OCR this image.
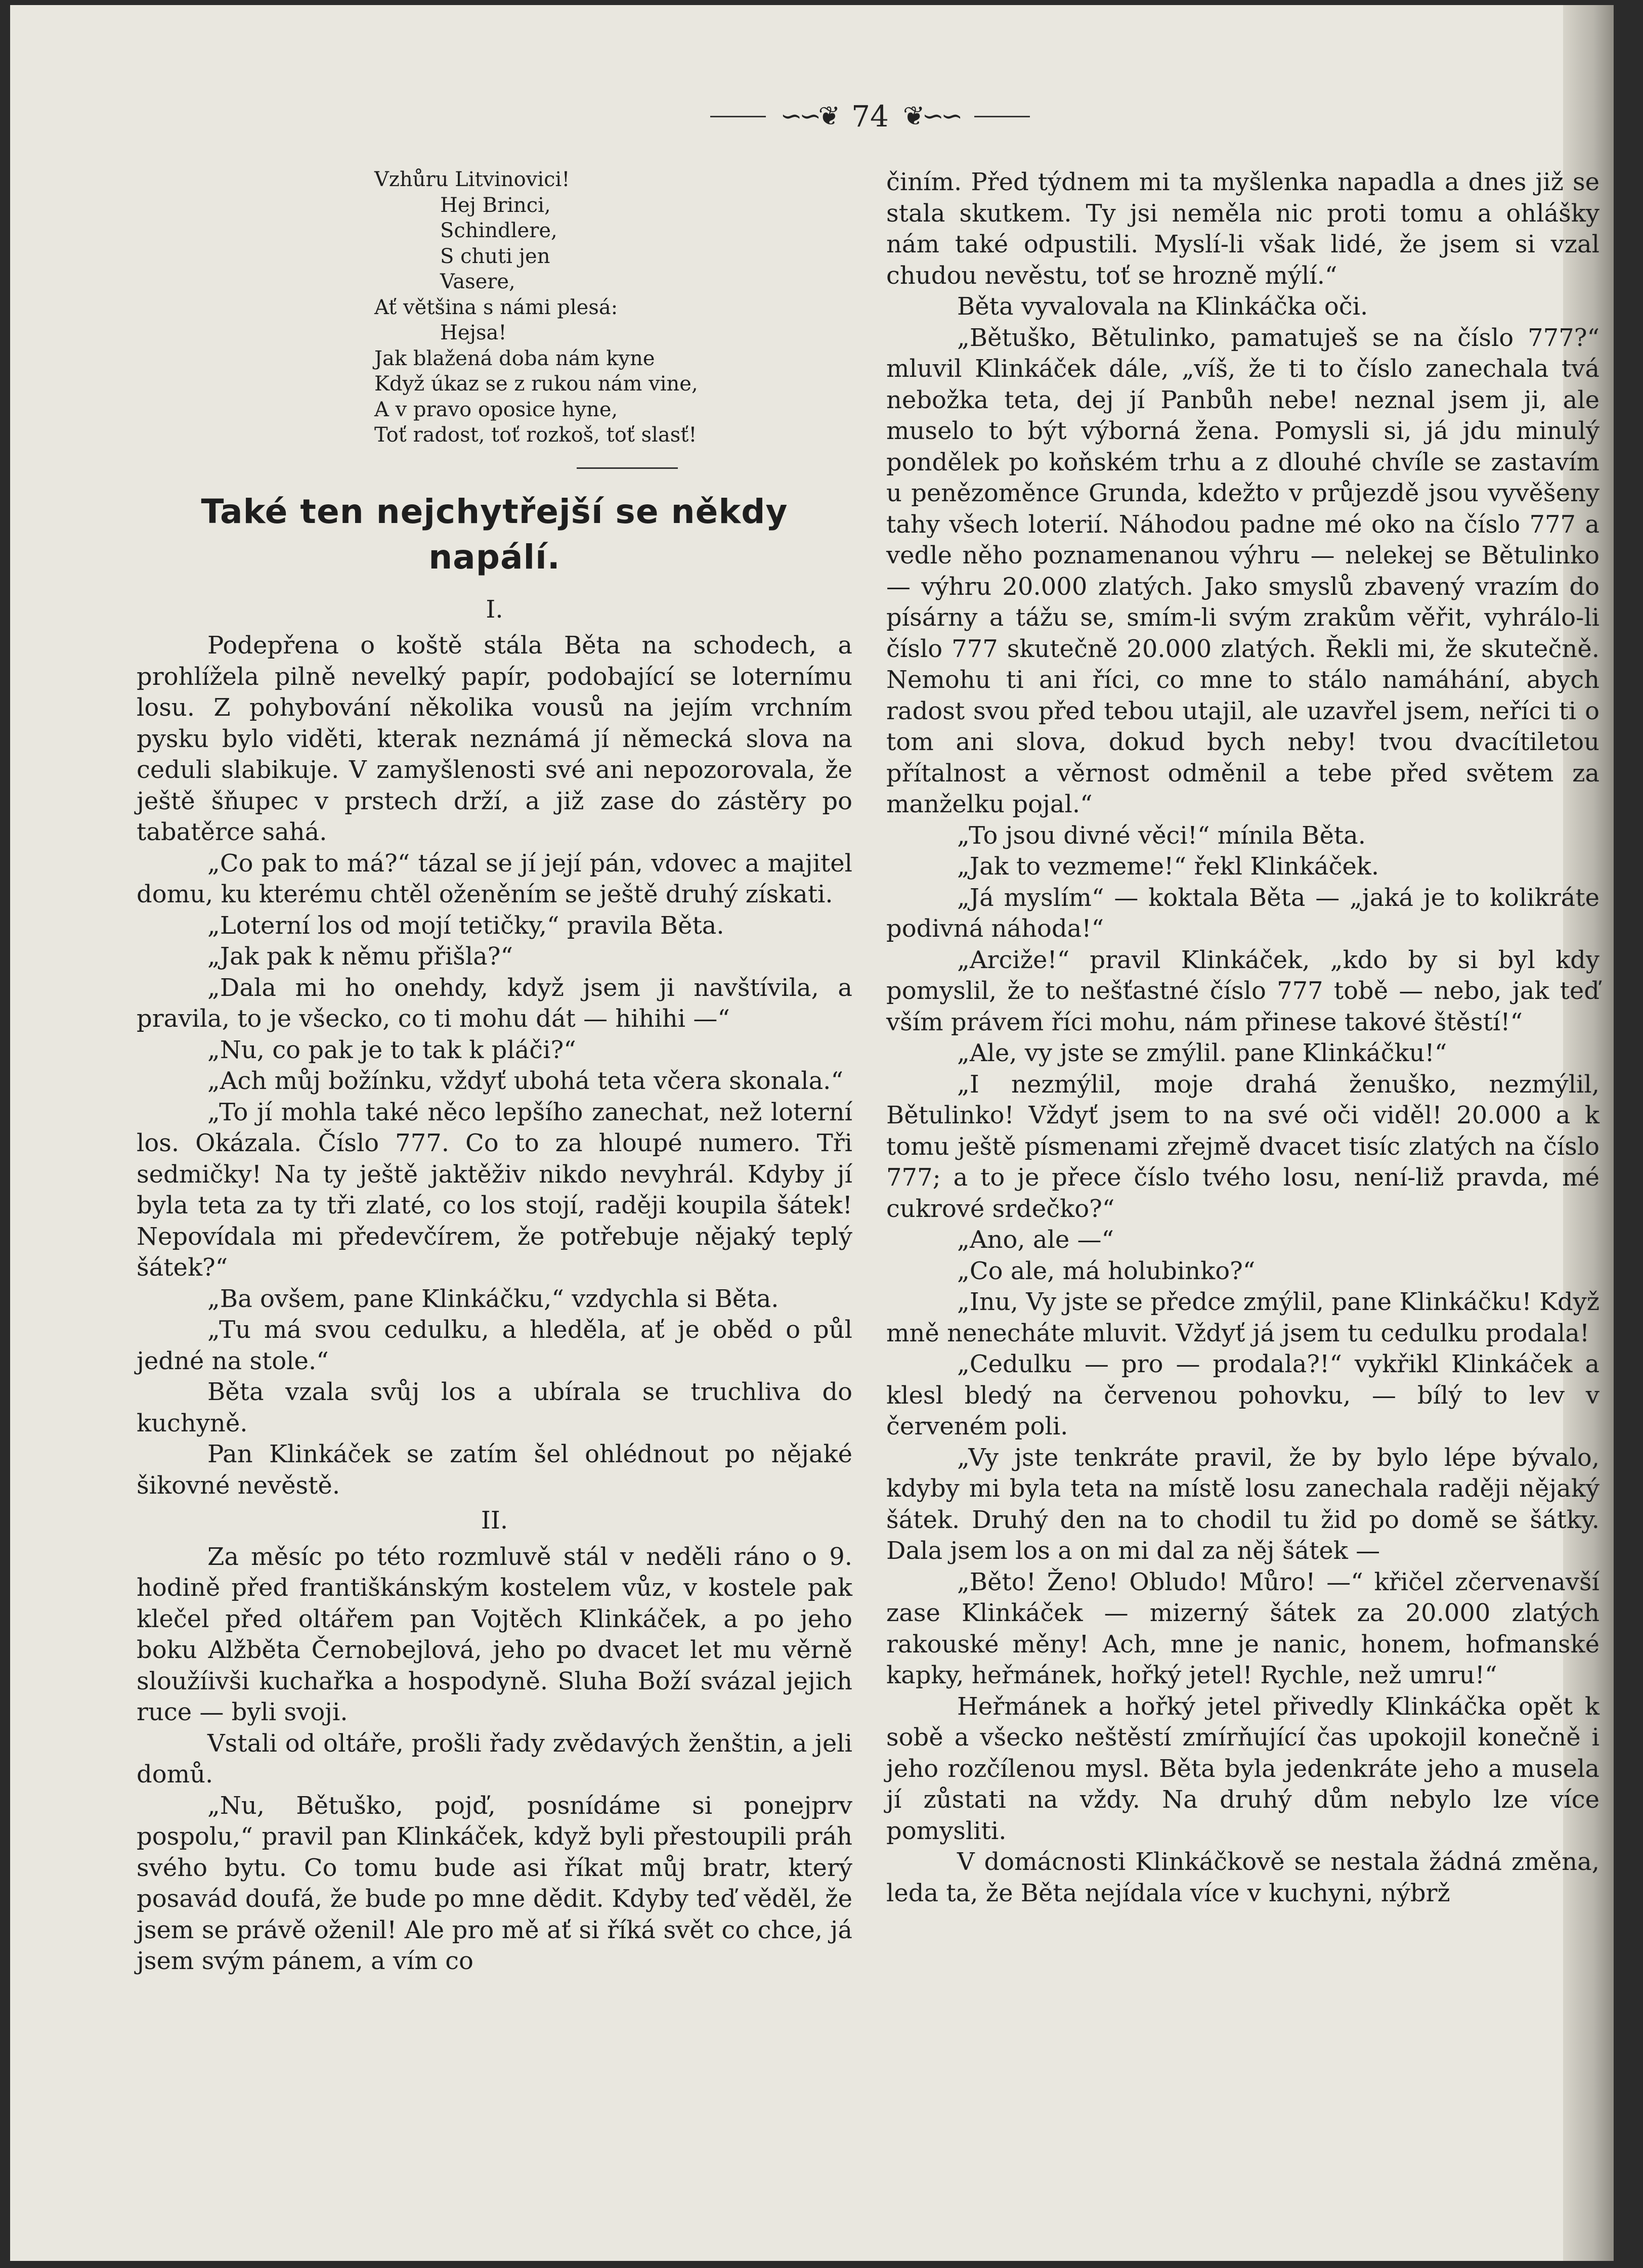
∽∽❦ 74 ❦∽∽
Vzhůru Litvinovici!
Hej Brinci,
Schindlere,
S chuti jen
Vasere,
Ať většina s námi plesá:
Hejsa!
Jak blažená doba nám kyne
Když úkaz se z rukou nám vine,
A v pravo oposice hyne,
Toť radost, toť rozkoš, toť slasť!
Také ten nejchytřejší se někdy napálí.
I.

Podepřena o koště stála Běta na schodech, a prohlížela pilně nevelký papír, podobající se loternímu losu. Z pohybování několika vousů na jejím vrchním pysku bylo viděti, kterak neznámá jí německá slova na ceduli slabikuje. V zamyšlenosti své ani nepozorovala, že ještě šňupec v prstech drží, a již zase do zástěry po tabatěrce sahá.

„Co pak to má?“ tázal se jí její pán, vdovec a majitel domu, ku kterému chtěl oženěním se ještě druhý získati.

„Loterní los od mojí tetičky,“ pravila Běta.

„Jak pak k němu přišla?“

„Dala mi ho onehdy, když jsem ji navštívila, a pravila, to je všecko, co ti mohu dát — hihihi —“

„Nu, co pak je to tak k pláči?“

„Ach můj božínku, vždyť ubohá teta včera skonala.“

„To jí mohla také něco lepšího zanechat, než loterní los. Okázala. Číslo 777. Co to za hloupé numero. Tři sedmičky! Na ty ještě jaktěživ nikdo nevyhrál. Kdyby jí byla teta za ty tři zlaté, co los stojí, raději koupila šátek! Nepovídala mi předevčírem, že potřebuje nějaký teplý šátek?“

„Ba ovšem, pane Klinkáčku,“ vzdychla si Běta.

„Tu má svou cedulku, a hleděla, ať je oběd o půl jedné na stole.“

Běta vzala svůj los a ubírala se truchliva do kuchyně.

Pan Klinkáček se zatím šel ohlédnout po nějaké šikovné nevěstě.

II.

Za měsíc po této rozmluvě stál v neděli ráno o 9. hodině před františkánským kostelem vůz, v kostele pak klečel před oltářem pan Vojtěch Klinkáček, a po jeho boku Alžběta Černobejlová, jeho po dvacet let mu věrně sloužíivši kuchařka a hospodyně. Sluha Boží svázal jejich ruce — byli svoji.

Vstali od oltáře, prošli řady zvědavých ženštin, a jeli domů.

„Nu, Bětuško, pojď, posnídáme si ponejprv pospolu,“ pravil pan Klinkáček, když byli přestoupili práh svého bytu. Co tomu bude asi říkat můj bratr, který posavád doufá, že bude po mne dědit. Kdyby teď věděl, že jsem se právě oženil! Ale pro mě ať si říká svět co chce, já jsem svým pánem, a vím co

činím. Před týdnem mi ta myšlenka napadla a dnes již se stala skutkem. Ty jsi neměla nic proti tomu a ohlášky nám také odpustili. Myslí-li však lidé, že jsem si vzal chudou nevěstu, toť se hrozně mýlí.“

Běta vyvalovala na Klinkáčka oči.

„Bětuško, Bětulinko, pamatuješ se na číslo 777?“ mluvil Klinkáček dále, „víš, že ti to číslo zanechala tvá nebožka teta, dej jí Panbůh nebe! neznal jsem ji, ale muselo to být výborná žena. Pomysli si, já jdu minulý pondělek po koňském trhu a z dlouhé chvíle se zastavím u penězoměnce Grunda, kdežto v průjezdě jsou vyvěšeny tahy všech loterií. Náhodou padne mé oko na číslo 777 a vedle něho poznamenanou výhru — nelekej se Bětulinko — výhru 20.000 zlatých. Jako smyslů zbavený vrazím do písárny a tážu se, smím-li svým zrakům věřit, vyhrálo-li číslo 777 skutečně 20.000 zlatých. Řekli mi, že skutečně. Nemohu ti ani říci, co mne to stálo namáhání, abych radost svou před tebou utajil, ale uzavřel jsem, neříci ti o tom ani slova, dokud bych neby! tvou dvacítiletou přítalnost a věrnost odměnil a tebe před světem za manželku pojal.“

„To jsou divné věci!“ mínila Běta.

„Jak to vezmeme!“ řekl Klinkáček.

„Já myslím“ — koktala Běta — „jaká je to kolikráte podivná náhoda!“

„Arciže!“ pravil Klinkáček, „kdo by si byl kdy pomyslil, že to nešťastné číslo 777 tobě — nebo, jak teď vším právem říci mohu, nám přinese takové štěstí!“

„Ale, vy jste se zmýlil. pane Klinkáčku!“

„I nezmýlil, moje drahá ženuško, nezmýlil, Bětulinko! Vždyť jsem to na své oči viděl! 20.000 a k tomu ještě písmenami zřejmě dvacet tisíc zlatých na číslo 777; a to je přece číslo tvého losu, není-liž pravda, mé cukrové srdečko?“

„Ano, ale —“

„Co ale, má holubinko?“

„Inu, Vy jste se předce zmýlil, pane Klinkáčku! Když mně nenecháte mluvit. Vždyť já jsem tu cedulku prodala!

„Cedulku — pro — prodala?!“ vykřikl Klinkáček a klesl bledý na červenou pohovku, — bílý to lev v červeném poli.

„Vy jste tenkráte pravil, že by bylo lépe bývalo, kdyby mi byla teta na místě losu zanechala raději nějaký šátek. Druhý den na to chodil tu žid po domě se šátky. Dala jsem los a on mi dal za něj šátek —

„Běto! Ženo! Obludo! Můro! —“ křičel zčervenavší zase Klinkáček — mizerný šátek za 20.000 zlatých rakouské měny! Ach, mne je nanic, honem, hofmanské kapky, heřmánek, hořký jetel! Rychle, než umru!“

Heřmánek a hořký jetel přivedly Klinkáčka opět k sobě a všecko neštěstí zmírňující čas upokojil konečně i jeho rozčílenou mysl. Běta byla jedenkráte jeho a musela jí zůstati na vždy. Na druhý dům nebylo lze více pomysliti.

V domácnosti Klinkáčkově se nestala žádná změna, leda ta, že Běta nejídala více v kuchyni, nýbrž
